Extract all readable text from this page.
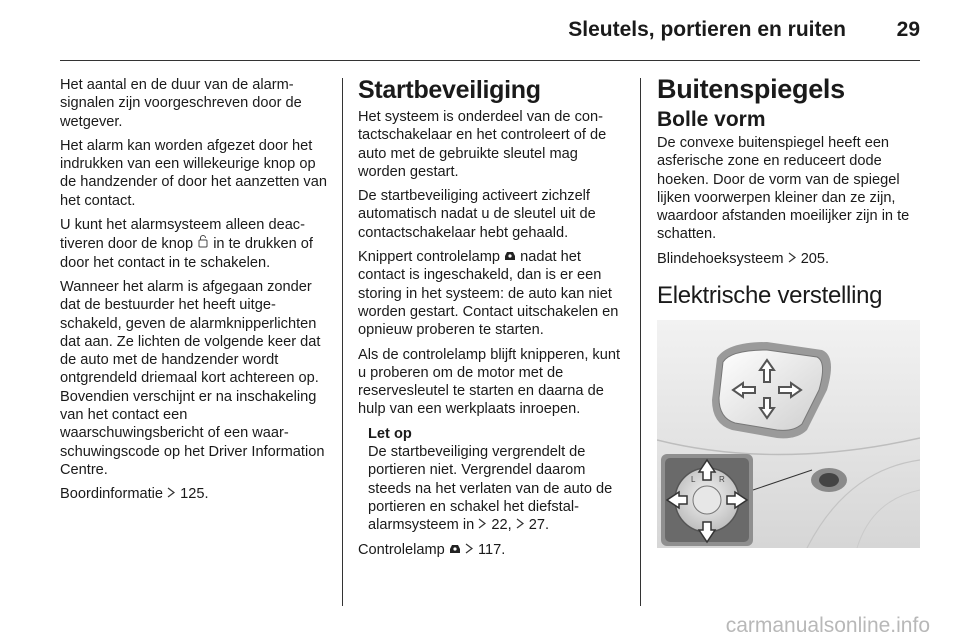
Sleutels, portieren en ruiten 29

Het aantal en de duur van de alarmsignalen zijn voorgeschreven door de wetgever.

Het alarm kan worden afgezet door het indrukken van een willekeurige knop op de handzender of door het aanzetten van het contact.

U kunt het alarmsysteem alleen deactiveren door de knop in te drukken of door het contact in te schakelen.

Wanneer het alarm is afgegaan zonder dat de bestuurder het heeft uitgeschakeld, geven de alarmknipperlichten dat aan. Ze lichten de volgende keer dat de auto met de handzender wordt ontgrendeld driemaal kort achtereen op. Bovendien verschijnt er na inschakeling van het contact een waarschuwingsbericht of een waarschuwingscode op het Driver Information Centre.

Boordinformatie 125.

Startbeveiliging

Het systeem is onderdeel van de contactschakelaar en het controleert of de auto met de gebruikte sleutel mag worden gestart.

De startbeveiliging activeert zichzelf automatisch nadat u de sleutel uit de contactschakelaar hebt gehaald.

Knippert controlelamp nadat het contact is ingeschakeld, dan is er een storing in het systeem: de auto kan niet worden gestart. Contact uitschakelen en opnieuw proberen te starten.

Als de controlelamp blijft knipperen, kunt u proberen om de motor met de reservesleutel te starten en daarna de hulp van een werkplaats inroepen.

Let op
De startbeveiliging vergrendelt de portieren niet. Vergrendel daarom steeds na het verlaten van de auto de portieren en schakel het diefstalalarmsysteem in 22, 27.

Controlelamp 117.

Buitenspiegels
Bolle vorm

De convexe buitenspiegel heeft een asferische zone en reduceert dode hoeken. Door de vorm van de spiegel lijken voorwerpen kleiner dan ze zijn, waardoor afstanden moeilijker zijn in te schatten.

Blindehoeksysteem 205.

Elektrische verstelling
L	R
carmanualsonline.info
